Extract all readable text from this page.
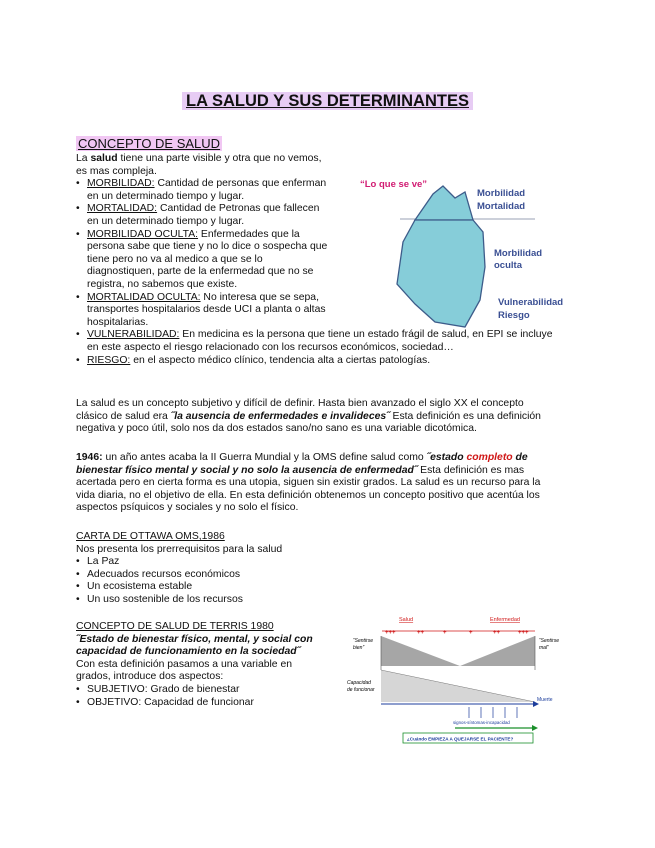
LA SALUD Y SUS DETERMINANTES
CONCEPTO DE SALUD
La salud tiene una parte visible y otra que no vemos,
es mas compleja.
• MORBILIDAD: Cantidad de personas que enferman
en un determinado tiempo y lugar.
• MORTALIDAD: Cantidad de Petronas que fallecen
en un determinado tiempo y lugar.
• MORBILIDAD OCULTA: Enfermedades que la
persona sabe que tiene y no lo dice o sospecha que
tiene pero no va al medico a que se lo
diagnostiquen, parte de la enfermedad que no se
registra, no sabemos que existe.
• MORTALIDAD OCULTA: No interesa que se sepa,
transportes hospitalarios desde UCI a planta o altas
hospitalarias.
• VULNERABILIDAD: En medicina es la persona que tiene un estado frágil de salud, en EPI se incluye
en este aspecto el riesgo relacionado con los recursos económicos, sociedad…
• RIESGO: en el aspecto médico clínico, tendencia alta a ciertas patologías.
“Lo que se ve”
Morbilidad
Mortalidad
Morbilidad
oculta
Vulnerabilidad
Riesgo
La salud es un concepto subjetivo y difícil de definir. Hasta bien avanzado el siglo XX el concepto
clásico de salud era ˝la ausencia de enfermedades e invalideces˝ Esta definición es una definición
negativa y poco útil, solo nos da dos estados sano/no sano es una variable dicotómica.
1946: un año antes acaba la II Guerra Mundial y la OMS define salud como ˝estado completo de
bienestar físico mental y social y no solo la ausencia de enfermedad˝ Esta definición es mas
acertada pero en cierta forma es una utopia, siguen sin existir grados. La salud es un recurso para la
vida diaria, no el objetivo de ella. En esta definición obtenemos un concepto positivo que acentúa los
aspectos psíquicos y sociales y no solo el físico.
CARTA DE OTTAWA OMS,1986
Nos presenta los prerrequisitos para la salud
• La Paz
• Adecuados recursos económicos
• Un ecosistema estable
• Un uso sostenible de los recursos
CONCEPTO DE SALUD DE TERRIS 1980
˝Estado de bienestar físico, mental, y social con
capacidad de funcionamiento en la sociedad˝
Con esta definición pasamos a una variable en
grados, introduce dos aspectos:
• SUBJETIVO: Grado de bienestar
• OBJETIVO: Capacidad de funcionar
Salud	Enfermedad
+++	++	+	+	++	+++
“Sentirse
bien”
“Sentirse
mal”
Capacidad
de funcionar
Muerte
signos-síntomas-incapacidad
¿Cuándo EMPIEZA A QUEJARSE EL PACIENTE?
